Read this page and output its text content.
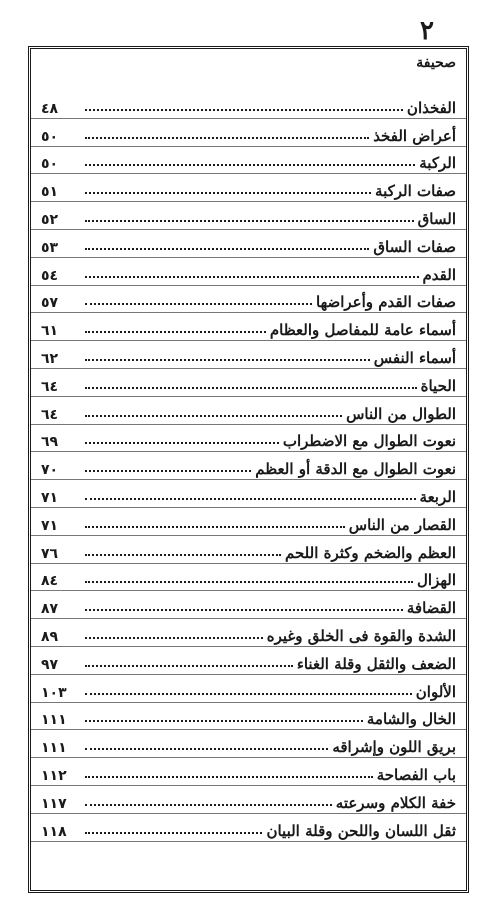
٢
صحيفة
الفخذان
٤٨
أعراض الفخذ
٥٠
الركبة
٥٠
صفات الركبة
٥١
الساق
٥٢
صفات الساق
٥٣
القدم
٥٤
صفات القدم وأعراضها
٥٧
أسماء عامة للمفاصل والعظام
٦١
أسماء النفس
٦٢
الحياة
٦٤
الطوال من الناس
٦٤
نعوت الطوال مع الاضطراب
٦٩
نعوت الطوال مع الدقة أو العظم
٧٠
الربعة
٧١
القصار من الناس
٧١
العظم والضخم وكثرة اللحم
٧٦
الهزال
٨٤
القضافة
٨٧
الشدة والقوة فى الخلق وغيره
٨٩
الضعف والثقل وقلة الغناء
٩٧
الألوان
١٠٣
الخال والشامة
١١١
بريق اللون وإشراقه
١١١
باب الفصاحة
١١٢
خفة الكلام وسرعته
١١٧
ثقل اللسان واللحن وقلة البيان
١١٨
